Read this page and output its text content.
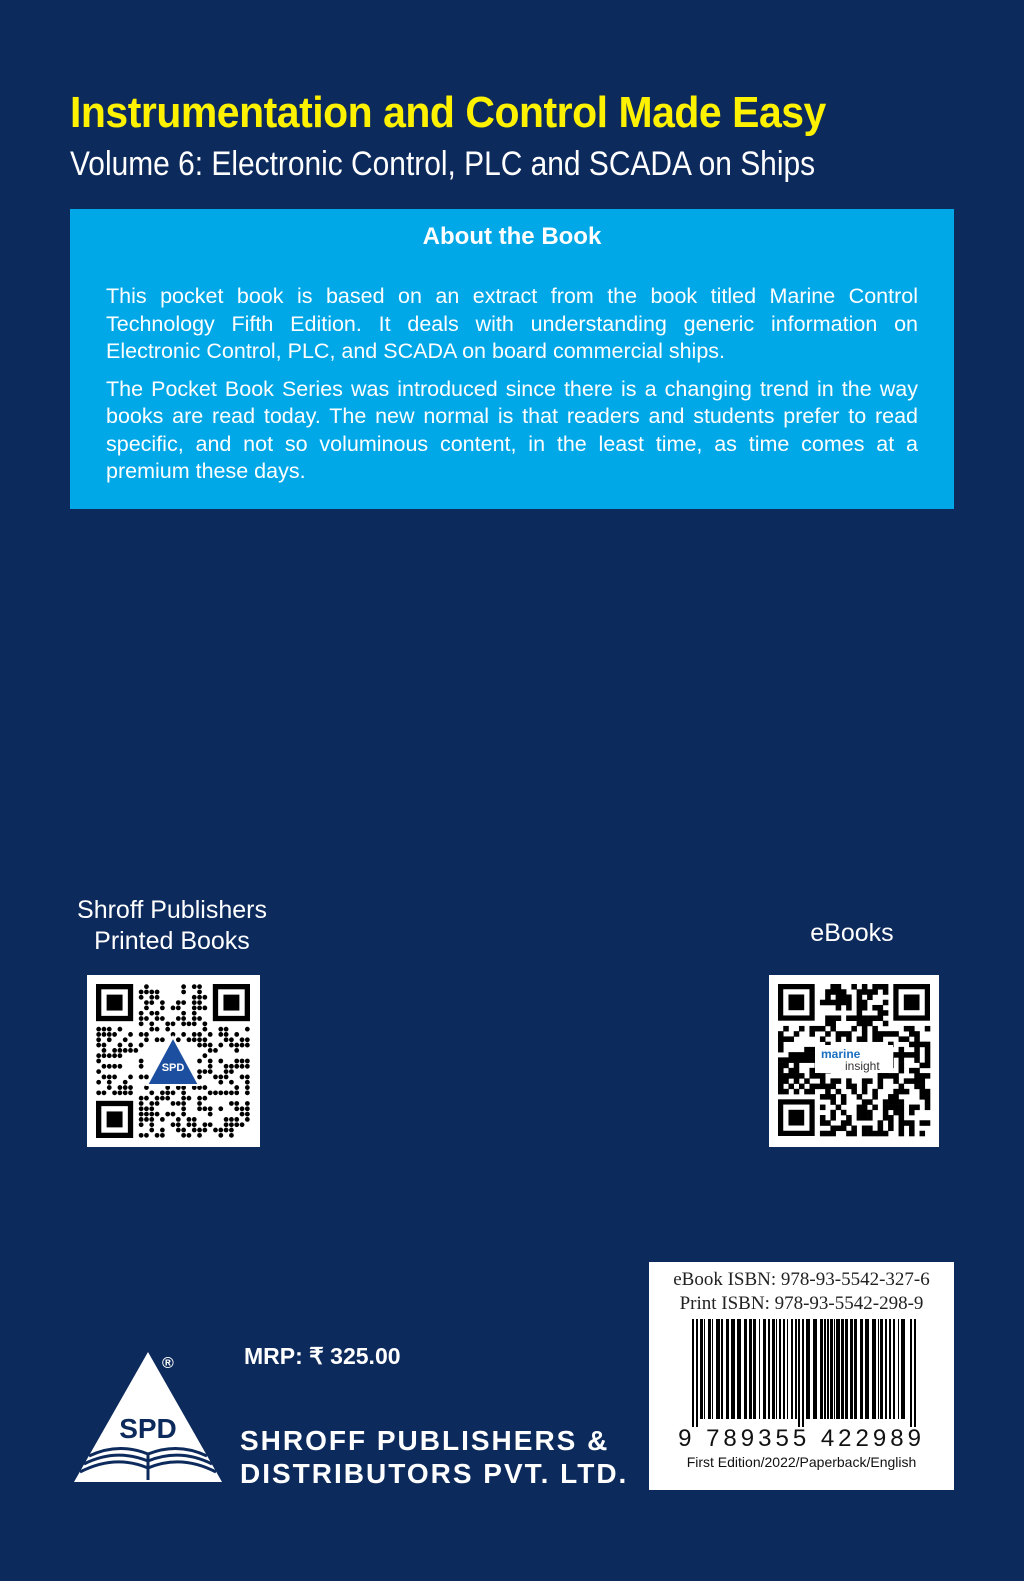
Instrumentation and Control Made Easy
Volume 6: Electronic Control, PLC and SCADA on Ships
About the Book

This pocket book is based on an extract from the book titled Marine Control Technology Fifth Edition. It deals with understanding generic information on Electronic Control, PLC, and SCADA on board commercial ships.

The Pocket Book Series was introduced since there is a changing trend in the way books are read today. The new normal is that readers and students prefer to read specific, and not so voluminous content, in the least time, as time comes at a premium these days.

Shroff Publishers
Printed Books
SPD
eBooks
marine
insight
SPD
®	MRP: ₹ 325.00
SHROFF PUBLISHERS &
DISTRIBUTORS PVT. LTD.
eBook ISBN: 978-93-5542-327-6
Print ISBN: 978-93-5542-298-9
9 789355 422989
First Edition/2022/Paperback/English
